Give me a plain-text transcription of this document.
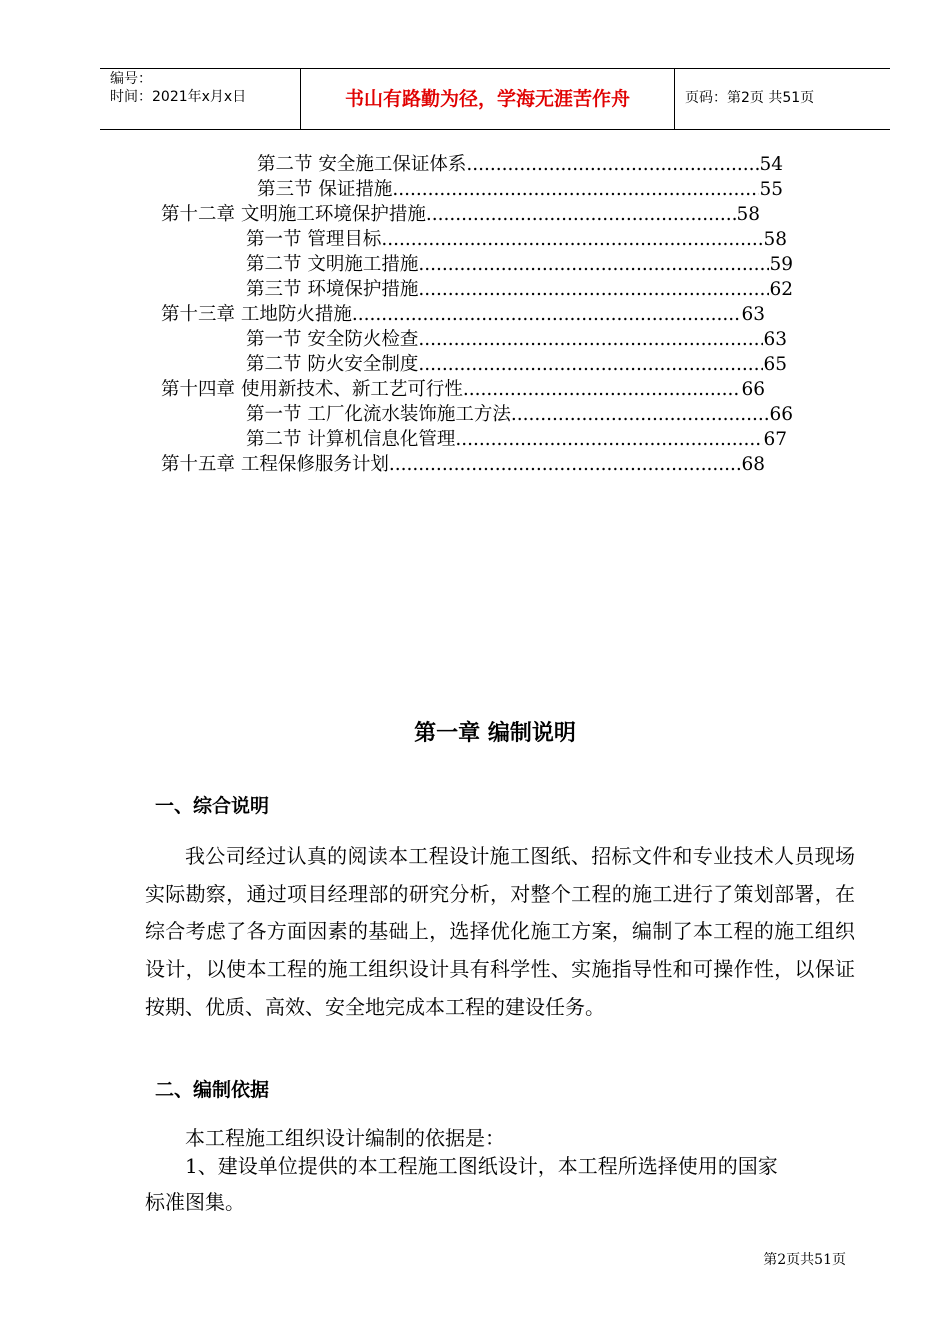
编号：
时间：2021年x月x日	书山有路勤为径，学海无涯苦作舟	页码：第2页 共51页
第二节 安全施工保证体系 .....	54
第三节 保证措施 .....	55
第十二章 文明施工环境保护措施 .....	58
第一节 管理目标 .....	58
第二节 文明施工措施 .....	59
第三节 环境保护措施 .....	62
第十三章 工地防火措施 .....	63
第一节 安全防火检查 .....	63
第二节 防火安全制度 .....	65
第十四章 使用新技术、新工艺可行性 .....	66
第一节 工厂化流水装饰施工方法 .....	66
第二节 计算机信息化管理 .....	67
第十五章 工程保修服务计划 .....	68
第一章 编制说明
一、综合说明
我公司经过认真的阅读本工程设计施工图纸、招标文件和专业技术人员现场实际勘察，通过项目经理部的研究分析，对整个工程的施工进行了策划部署，在综合考虑了各方面因素的基础上，选择优化施工方案，编制了本工程的施工组织设计，以使本工程的施工组织设计具有科学性、实施指导性和可操作性，以保证按期、优质、高效、安全地完成本工程的建设任务。
二、编制依据
本工程施工组织设计编制的依据是：
1、建设单位提供的本工程施工图纸设计，本工程所选择使用的国家
标准图集。
第2页共51页
